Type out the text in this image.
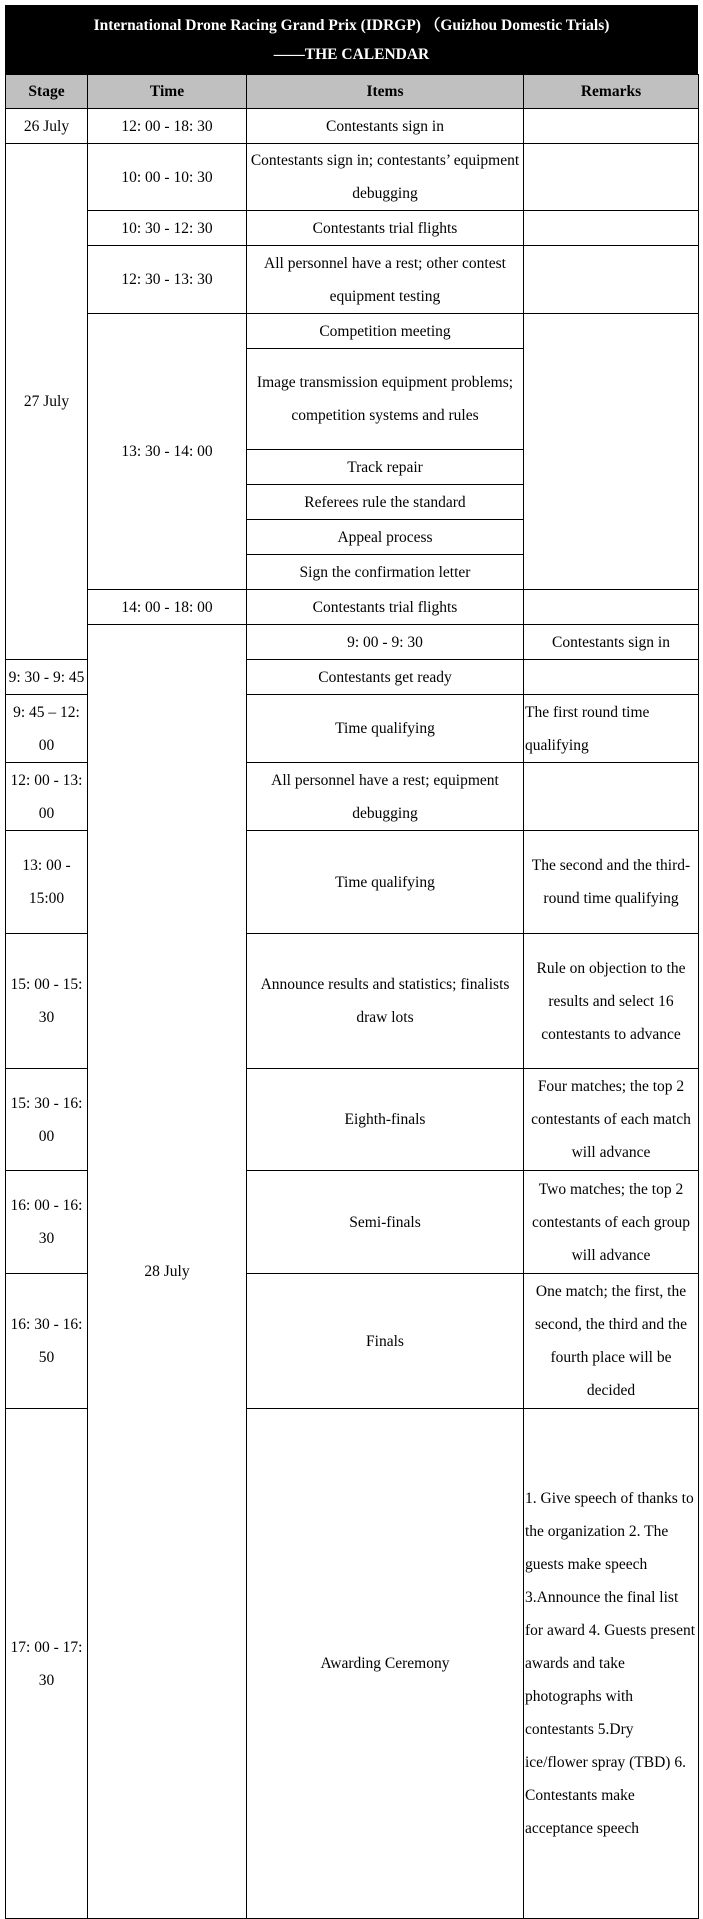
International Drone Racing Grand Prix (IDRGP) （Guizhou Domestic Trials)
——THE CALENDAR
Stage	Time	Items	Remarks	
26 July	12: 00 - 18: 30	Contestants sign in		
27 July	10: 00 - 10: 30	Contestants sign in; contestants’ equipment debugging		
	10: 30 - 12: 30	Contestants trial flights		
	12: 30 - 13: 30	All personnel have a rest; other contest equipment testing		
	13: 30 - 14: 00	Competition meeting		
		Image transmission equipment problems; competition systems and rules		
		Track repair		
		Referees rule the standard		
		Appeal process		
		Sign the confirmation letter		
	14: 00 - 18: 00	Contestants trial flights		
	28 July	9: 00 - 9: 30	Contestants sign in	
9: 30 - 9: 45		Contestants get ready		
9: 45 – 12: 00		Time qualifying	The first round time qualifying	
12: 00 - 13: 00		All personnel have a rest; equipment debugging		
13: 00 - 15:00		Time qualifying	The second and the third-round time qualifying	
15: 00 - 15: 30		Announce results and statistics; finalists draw lots	Rule on objection to the results and select 16 contestants to advance	
15: 30 - 16: 00		Eighth-finals	Four matches; the top 2 contestants of each match will advance	
16: 00 - 16: 30		Semi-finals	Two matches; the top 2 contestants of each group will advance	
16: 30 - 16: 50		Finals	One match; the first, the second, the third and the fourth place will be decided	
17: 00 - 17: 30		Awarding Ceremony	1. Give speech of thanks to the organization 2. The guests make speech 3.Announce the final list for award 4. Guests present awards and take photographs with contestants 5.Dry ice/flower spray (TBD) 6. Contestants make acceptance speech	
